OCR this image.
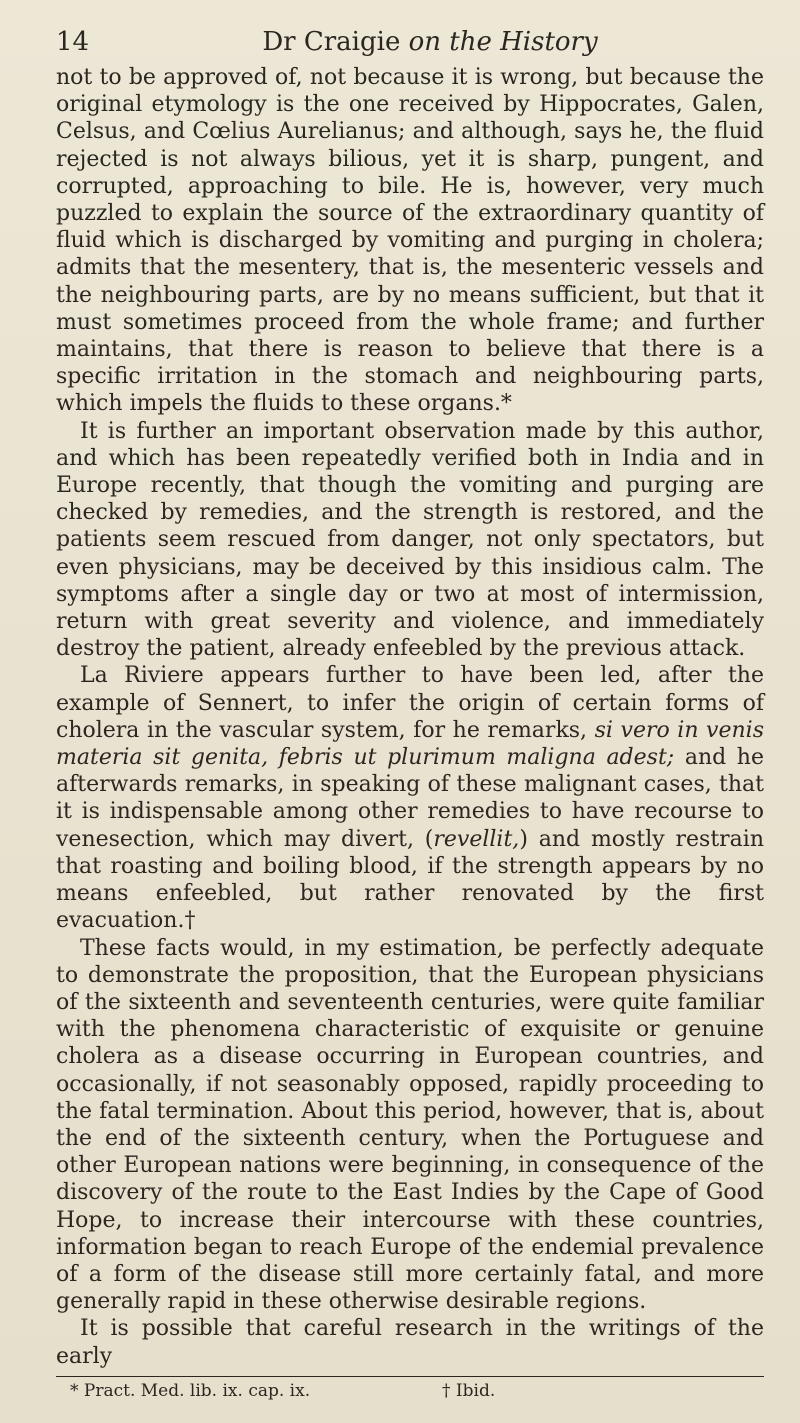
14	Dr Craigie on the History

not to be approved of, not because it is wrong, but because the original etymology is the one received by Hippocrates, Galen, Celsus, and Cœlius Aurelianus; and although, says he, the fluid rejected is not always bilious, yet it is sharp, pungent, and corrupted, approaching to bile. He is, however, very much puzzled to explain the source of the extraordinary quantity of fluid which is discharged by vomiting and purging in cholera; admits that the mesentery, that is, the mesenteric vessels and the neighbouring parts, are by no means sufficient, but that it must sometimes proceed from the whole frame; and further maintains, that there is reason to believe that there is a specific irritation in the stomach and neighbouring parts, which impels the fluids to these organs.*

It is further an important observation made by this author, and which has been repeatedly verified both in India and in Europe recently, that though the vomiting and purging are checked by remedies, and the strength is restored, and the patients seem rescued from danger, not only spectators, but even physicians, may be deceived by this insidious calm. The symptoms after a single day or two at most of intermission, return with great severity and violence, and immediately destroy the patient, already enfeebled by the previous attack.

La Riviere appears further to have been led, after the example of Sennert, to infer the origin of certain forms of cholera in the vascular system, for he remarks, si vero in venis materia sit genita, febris ut plurimum maligna adest; and he afterwards remarks, in speaking of these malignant cases, that it is indispensable among other remedies to have recourse to venesection, which may divert, (revellit,) and mostly restrain that roasting and boiling blood, if the strength appears by no means enfeebled, but rather renovated by the first evacuation.†

These facts would, in my estimation, be perfectly adequate to demonstrate the proposition, that the European physicians of the sixteenth and seventeenth centuries, were quite familiar with the phenomena characteristic of exquisite or genuine cholera as a disease occurring in European countries, and occasionally, if not seasonably opposed, rapidly proceeding to the fatal termination. About this period, however, that is, about the end of the sixteenth century, when the Portuguese and other European nations were beginning, in consequence of the discovery of the route to the East Indies by the Cape of Good Hope, to increase their intercourse with these countries, information began to reach Europe of the endemial prevalence of a form of the disease still more certainly fatal, and more generally rapid in these otherwise desirable regions.

It is possible that careful research in the writings of the early

* Pract. Med. lib. ix. cap. ix.	† Ibid.
